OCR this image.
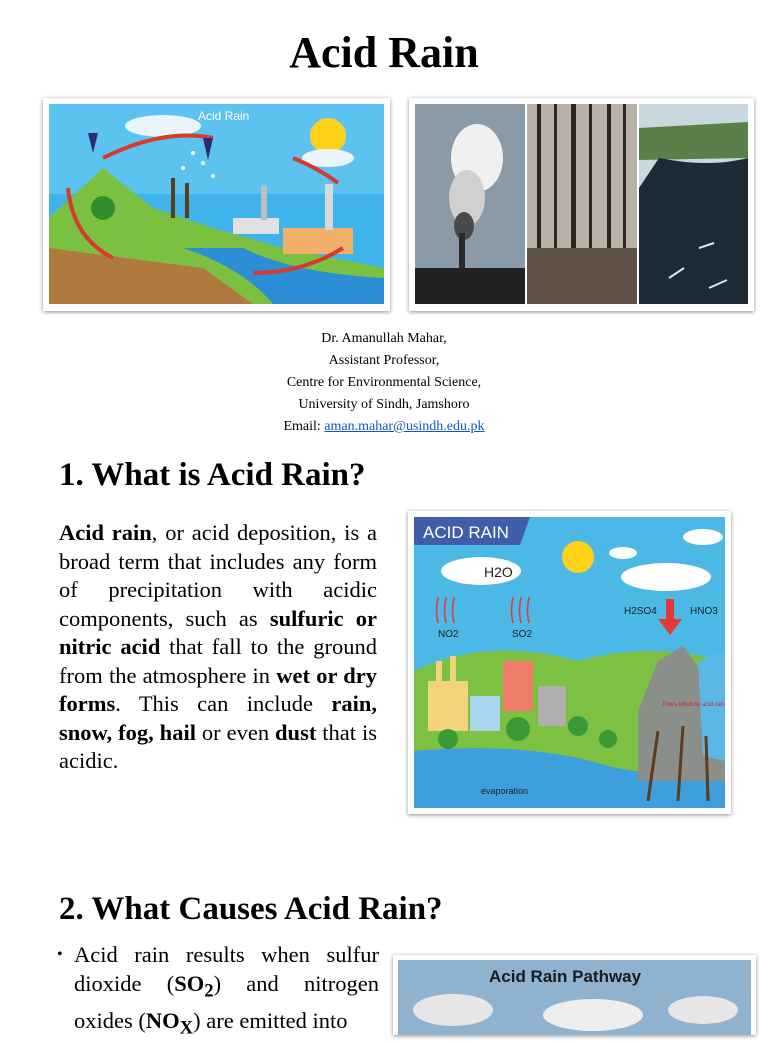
Acid Rain
Acid Rain
Dr. Amanullah Mahar,
Assistant Professor,
Centre for Environmental Science,
University of Sindh, Jamshoro
Email: aman.mahar@usindh.edu.pk
1. What is Acid Rain?
Acid rain, or acid deposition, is a broad term that includes any form of precipitation with acidic components, such as sulfuric or nitric acid that fall to the ground from the atmosphere in wet or dry forms. This can include rain, snow, fog, hail or even dust that is acidic.
ACID RAIN
H2O
NO2	SO2
H2SO4	HNO3
evaporation
Trees killed by acid rain
2. What Causes Acid Rain?
• Acid rain results when sulfur dioxide $(SO_2)$ and nitrogen oxides $(NO_X)$ are emitted into
Acid Rain Pathway
